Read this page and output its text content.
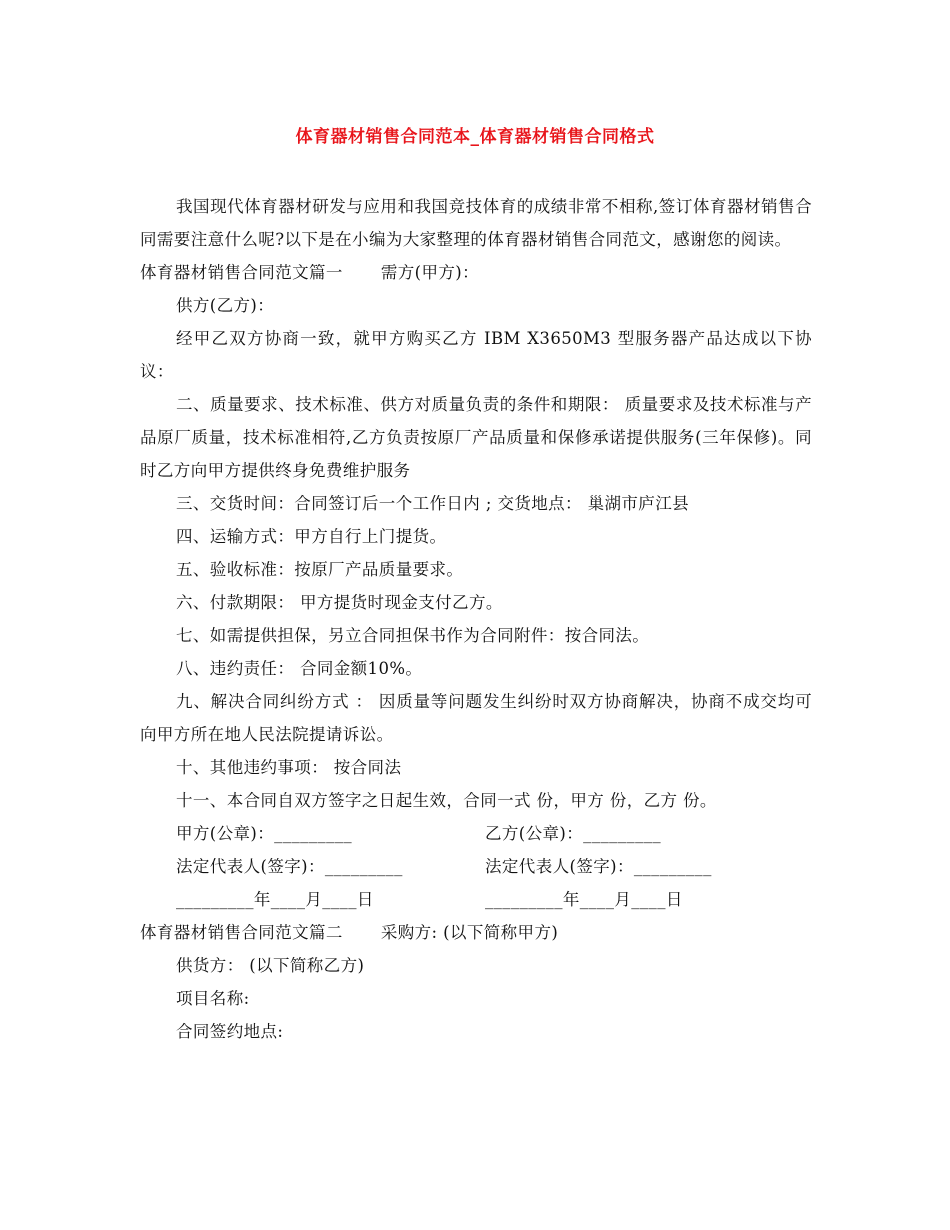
体育器材销售合同范本_体育器材销售合同格式

我国现代体育器材研发与应用和我国竞技体育的成绩非常不相称,签订体育器材销售合同需要注意什么呢?以下是在小编为大家整理的体育器材销售合同范文，感谢您的阅读。

体育器材销售合同范文篇一 需方(甲方)：

供方(乙方)：

经甲乙双方协商一致，就甲方购买乙方 IBM X3650M3 型服务器产品达成以下协议：

二、质量要求、技术标准、供方对质量负责的条件和期限： 质量要求及技术标准与产品原厂质量，技术标准相符,乙方负责按原厂产品质量和保修承诺提供服务(三年保修)。同时乙方向甲方提供终身免费维护服务

三、交货时间：合同签订后一个工作日内 ; 交货地点： 巢湖市庐江县

四、运输方式：甲方自行上门提货。

五、验收标准：按原厂产品质量要求。

六、付款期限： 甲方提货时现金支付乙方。

七、如需提供担保，另立合同担保书作为合同附件：按合同法。

八、违约责任： 合同金额10%。

九、解决合同纠纷方式 ： 因质量等问题发生纠纷时双方协商解决，协商不成交均可向甲方所在地人民法院提请诉讼。

十、其他违约事项： 按合同法

十一、本合同自双方签字之日起生效，合同一式 份，甲方 份，乙方 份。

甲方(公章)：_________	乙方(公章)：_________
法定代表人(签字)：_________	法定代表人(签字)：_________
_________年____月____日	_________年____月____日

体育器材销售合同范文篇二 采购方: (以下简称甲方)

供货方： (以下简称乙方)

项目名称:

合同签约地点:
